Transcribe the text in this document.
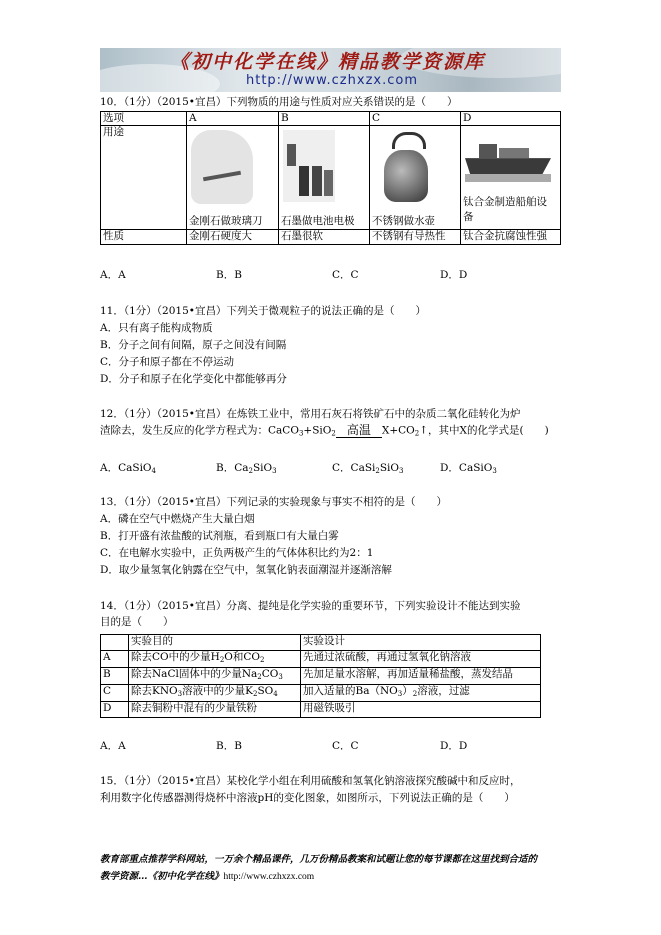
《初中化学在线》精品教学资源库
http://www.czhxzx.com
10．（1分）（2015•宜昌）下列物质的用途与性质对应关系错误的是（　　）
选项	A	B	C	D
用途	金刚石做玻璃刀	石墨做电池电极	不锈钢做水壶	钛合金制造船舶设
备

性质	金刚石硬度大	石墨很软	不锈钢有导热性	钛合金抗腐蚀性强
A．A	B．B	C．C	D．D
11．（1分）（2015•宜昌）下列关于微观粒子的说法正确的是（　　）
A．只有离子能构成物质
B．分子之间有间隔，原子之间没有间隔
C．分子和原子都在不停运动
D．分子和原子在化学变化中都能够再分
12．（1分）（2015•宜昌）在炼铁工业中，常用石灰石将铁矿石中的杂质二氧化硅转化为炉
渣除去，发生反应的化学方程式为：CaCO$_3$+SiO$_2$ 高温	$X+CO_2↑$，其中X的化学式是(　　)
A．CaSiO$_4$	B．$Ca_2SiO_3$	C．CaSi$_2$SiO$_3$	D．CaSiO$_3$
13．（1分）（2015•宜昌）下列记录的实验现象与事实不相符的是（　　）
A．磷在空气中燃烧产生大量白烟
B．打开盛有浓盐酸的试剂瓶，看到瓶口有大量白雾
C．在电解水实验中，正负两极产生的气体体积比约为2：1
D．取少量氢氧化钠露在空气中，氢氧化钠表面潮湿并逐渐溶解
14．（1分）（2015•宜昌）分离、提纯是化学实验的重要环节，下列实验设计不能达到实验
目的是（　　）
	实验目的	实验设计
A	除去CO中的少量$H_2O$和$CO_2$	先通过浓硫酸，再通过氢氧化钠溶液
B	除去NaCl固体中的少量$Na_2CO_3$	先加足量水溶解，再加适量稀盐酸，蒸发结晶
C	除去$KNO_3$溶液中的少量$K_2SO_4$	加入适量的$Ba(NO_3)_2$溶液，过滤
D	除去铜粉中混有的少量铁粉	用磁铁吸引
A．A	B．B	C．C	D．D
15．（1分）（2015•宜昌）某校化学小组在利用硫酸和氢氧化钠溶液探究酸碱中和反应时，
利用数字化传感器测得烧杯中溶液pH的变化图象，如图所示，下列说法正确的是（　　）
教育部重点推荐学科网站，一万余个精品课件，几万份精品教案和试题让您的每节课都在这里找到合适的
教学资源…《初中化学在线》http://www.czhxzx.com
